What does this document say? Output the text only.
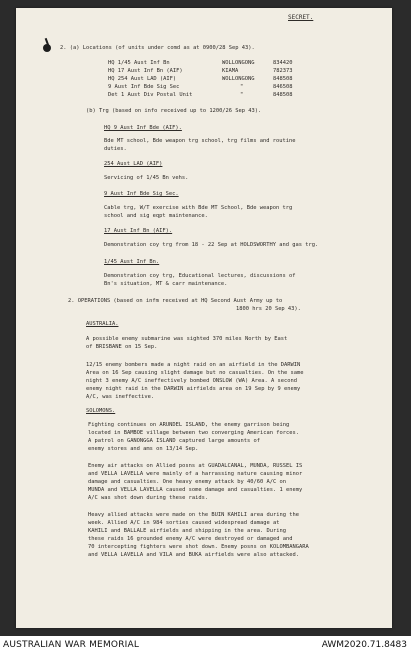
SECRET.
2. (a) Locations (of units under comd as at 0900/28 Sep 43).
HQ 1/45 Aust Inf Bn	WOLLONGONG	834420
HQ 17 Aust Inf Bn (AIF)	KIAMA	782373
HQ 254 Aust LAD (AIF)	WOLLONGONG	848508
9 Aust Inf Bde Sig Sec	"	846508
Det 1 Aust Div Postal Unit	"	848508
(b) Trg (based on info received up to 1200/26 Sep 43).
HQ 9 Aust Inf Bde (AIF).
Bde MT school, Bde weapon trg school, trg films and routine
duties.
254 Aust LAD (AIF)
Servicing of 1/45 Bn vehs.
9 Aust Inf Bde Sig Sec.
Cable trg, W/T exercise with Bde MT School, Bde weapon trg
school and sig eqpt maintenance.
17 Aust Inf Bn (AIF).
Demonstration coy trg from 18 - 22 Sep at HOLDSWORTHY and gas trg.
1/45 Aust Inf Bn.
Demonstration coy trg, Educational lectures, discussions of
Bn's situation, MT & carr maintenance.
2. OPERATIONS (based on infm received at HQ Second Aust Army up to
1800 hrs 20 Sep 43).
AUSTRALIA.
A possible enemy submarine was sighted 370 miles North by East
of BRISBANE on 15 Sep.
12/15 enemy bombers made a night raid on an airfield in the DARWIN
Area on 16 Sep causing slight damage but no casualties. On the same
night 3 enemy A/C ineffectively bombed ONSLOW (WA) Area. A second
enemy night raid in the DARWIN airfields area on 19 Sep by 9 enemy
A/C, was ineffective.
SOLOMONS.
Fighting continues on ARUNDEL ISLAND, the enemy garrison being
located in BAMBOE village between two converging American forces.
A patrol on GANONGGA ISLAND captured large amounts of
enemy stores and ams on 13/14 Sep.
Enemy air attacks on Allied posns at GUADALCANAL, MUNDA, RUSSEL IS
and VELLA LAVELLA were mainly of a harrassing nature causing minor
damage and casualties. One heavy enemy attack by 40/60 A/C on
MUNDA and VELLA LAVELLA caused some damage and casualties. 1 enemy
A/C was shot down during these raids.
Heavy allied attacks were made on the BUIN KAHILI area during the
week. Allied A/C in 984 sorties caused widespread damage at
KAHILI and BALLALE airfields and shipping in the area. During
these raids 16 grounded enemy A/C were destroyed or damaged and
70 intercepting fighters were shot down. Enemy posns on KOLOMBANGARA
and VELLA LAVELLA and VILA and BUKA airfields were also attacked.
AUSTRALIAN WAR MEMORIAL	AWM2020.71.8483
